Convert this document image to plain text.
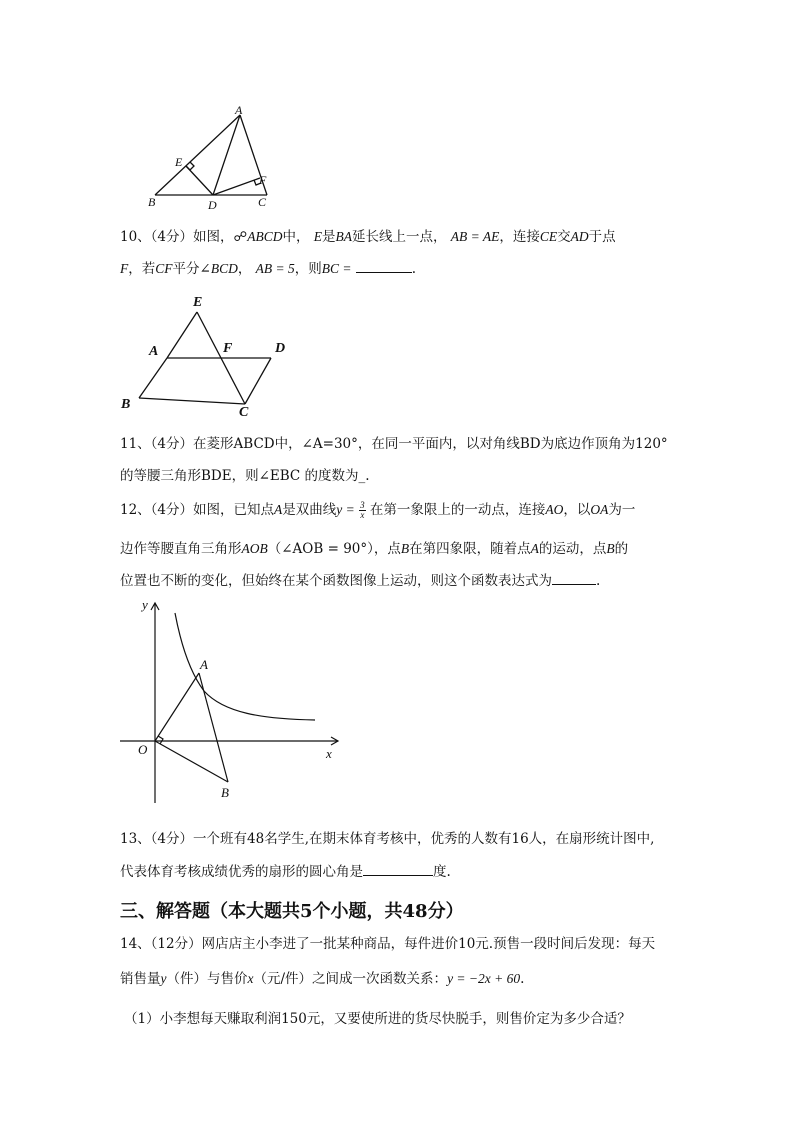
A
E
F
B	D	C
10、（4分）如图，☍ABCD中， E是BA延长线上一点， AB = AE，连接CE交AD于点
F，若CF平分∠BCD， AB = 5，则BC =	.
E
A	F	D
B
C
11、（4分）在菱形ABCD中，∠A=30°，在同一平面内，以对角线BD为底边作顶角为120°
的等腰三角形BDE，则∠EBC 的度数为_.
12、（4分）如图，已知点A是双曲线$y = \frac{3}{x}$ 在第一象限上的一动点，连接AO，以OA为一
边作等腰直角三角形AOB（∠AOB = 90°），点B在第四象限，随着点A的运动，点B的
位置也不断的变化，但始终在某个函数图像上运动，则这个函数表达式为	.
y
x
O
A
B
13、（4分）一个班有48名学生,在期末体育考核中，优秀的人数有16人，在扇形统计图中,
代表体育考核成绩优秀的扇形的圆心角是	度.
三、解答题（本大题共5个小题，共48分）
14、（12分）网店店主小李进了一批某种商品，每件进价10元.预售一段时间后发现：每天
销售量y（件）与售价x（元/件）之间成一次函数关系：y = −2x + 60.
（1）小李想每天赚取利润150元，又要使所进的货尽快脱手，则售价定为多少合适？
